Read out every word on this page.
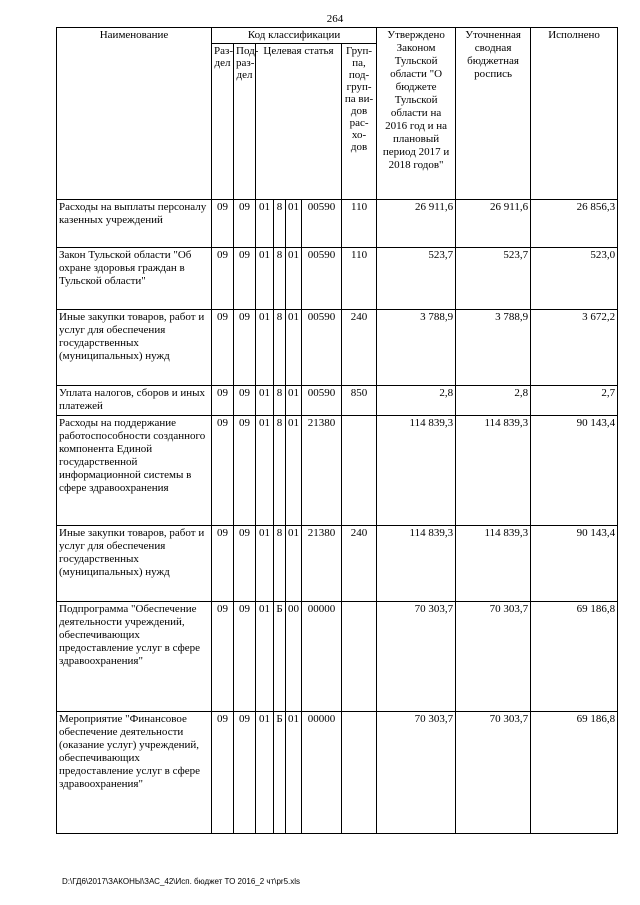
264
Наименование	Код классификации							Утверждено Законом Тульской области "О бюджете Тульской области на 2016 год и на плановый период 2017 и 2018 годов"	Уточненная сводная бюджетная роспись	Исполнено
	Раз-дел	Под-раз-дел	Целевая статья				Груп-па, под-груп-па ви-дов рас-хо-дов			
Расходы на выплаты персоналу казенных учреждений	09	09	01	8	01	00590	110	26 911,6	26 911,6	26 856,3
Закон Тульской области "Об охране здоровья граждан в Тульской области"	09	09	01	8	01	00590	110	523,7	523,7	523,0
Иные закупки товаров, работ и услуг для обеспечения государственных (муниципальных) нужд	09	09	01	8	01	00590	240	3 788,9	3 788,9	3 672,2
Уплата налогов, сборов и иных платежей	09	09	01	8	01	00590	850	2,8	2,8	2,7
Расходы на поддержание работоспособности созданного компонента Единой государственной информационной системы в сфере здравоохранения	09	09	01	8	01	21380		114 839,3	114 839,3	90 143,4
Иные закупки товаров, работ и услуг для обеспечения государственных (муниципальных) нужд	09	09	01	8	01	21380	240	114 839,3	114 839,3	90 143,4
Подпрограмма "Обеспечение деятельности учреждений, обеспечивающих предоставление услуг в сфере здравоохранения"	09	09	01	Б	00	00000		70 303,7	70 303,7	69 186,8
Мероприятие "Финансовое обеспечение деятельности (оказание услуг) учреждений, обеспечивающих предоставление услуг в сфере здравоохранения"	09	09	01	Б	01	00000		70 303,7	70 303,7	69 186,8
D:\ГД6\2017\ЗАКОНЫ\ЗАС_42\Исп. бюджет ТО 2016_2 чт\pr5.xls
